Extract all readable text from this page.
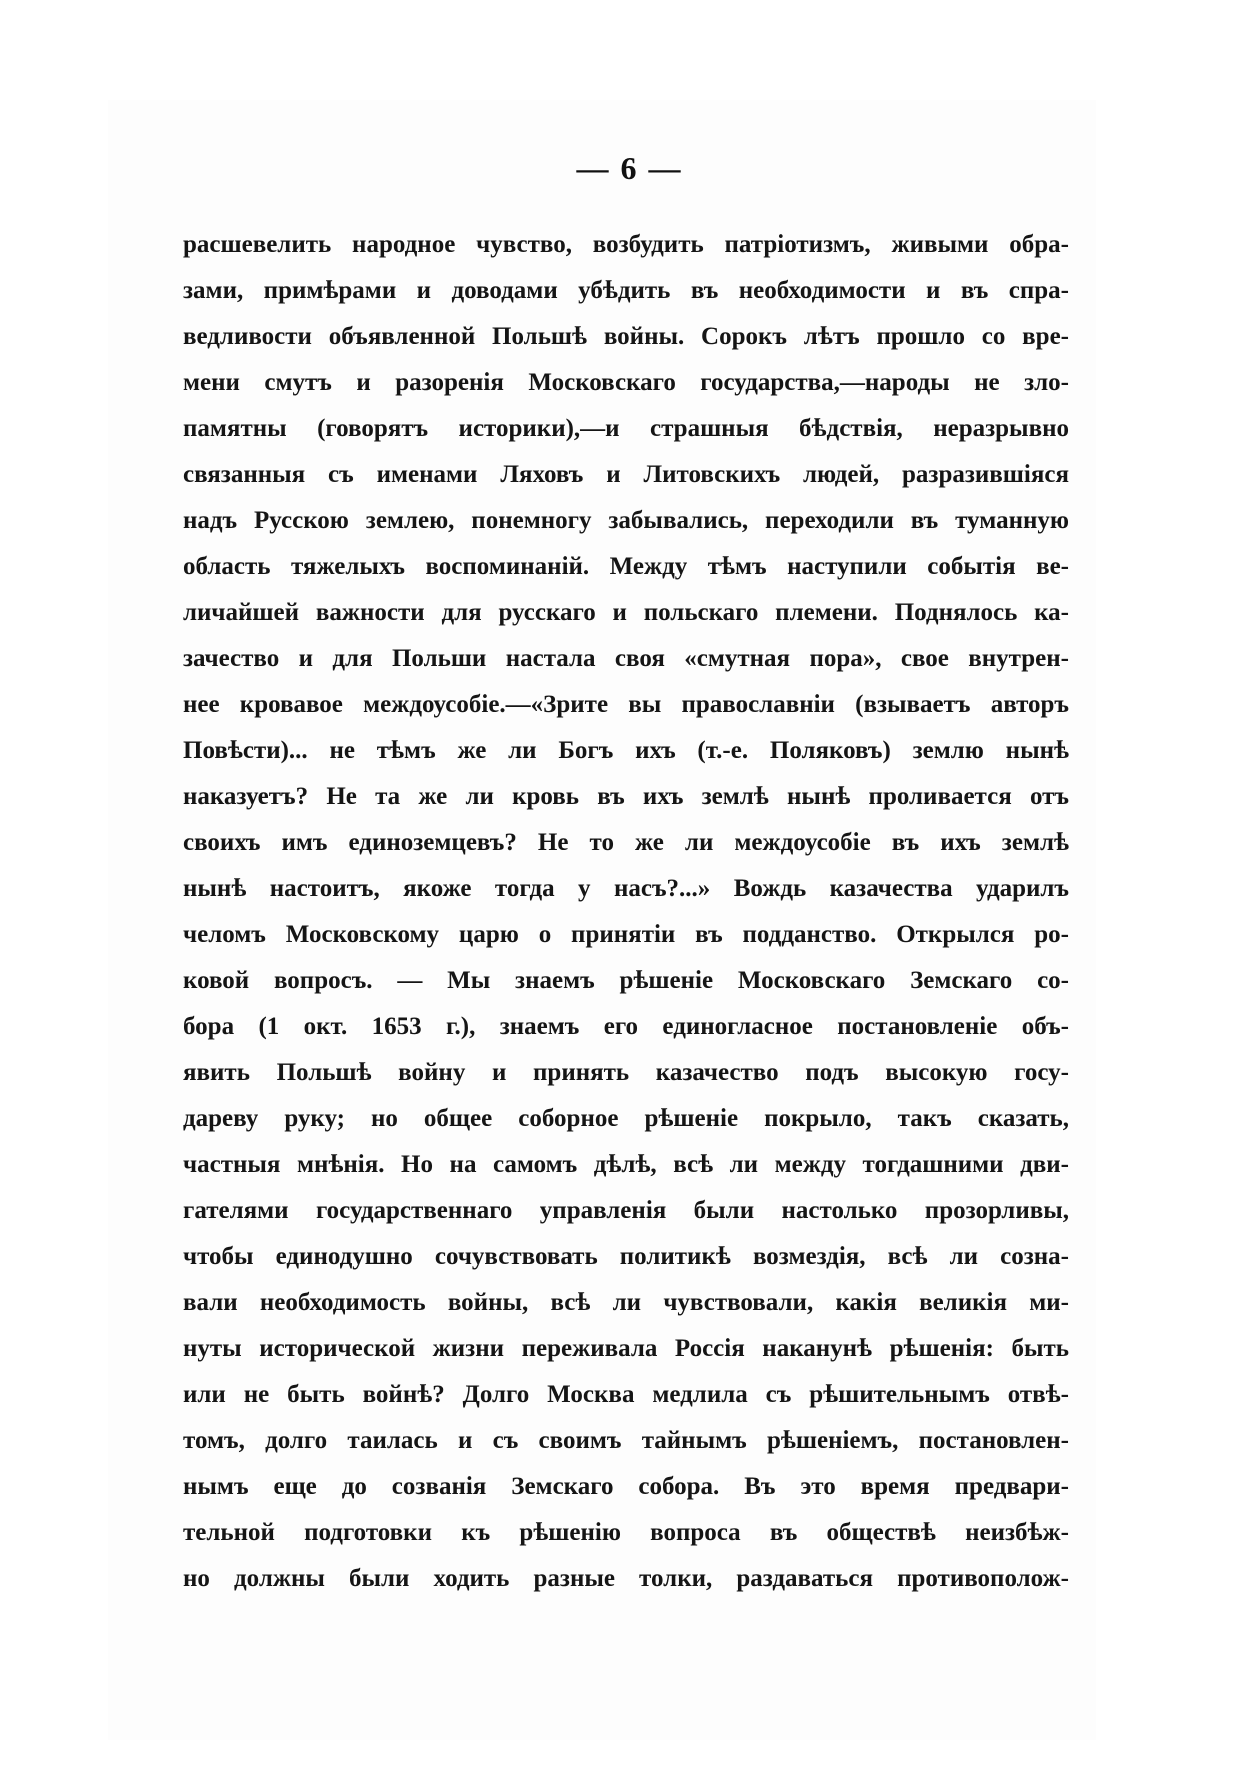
— 6 —
расшевелить народное чувство, возбудить патріотизмъ, живыми обра-
зами, примѣрами и доводами убѣдить въ необходимости и въ спра-
ведливости объявленной Польшѣ войны. Сорокъ лѣтъ прошло со вре-
мени смутъ и разоренія Московскаго государства,—народы не зло-
памятны (говорятъ историки),—и страшныя бѣдствія, неразрывно
связанныя съ именами Ляховъ и Литовскихъ людей, разразившіяся
надъ Русскою землею, понемногу забывались, переходили въ туманную
область тяжелыхъ воспоминаній. Между тѣмъ наступили событія ве-
личайшей важности для русскаго и польскаго племени. Поднялось ка-
зачество и для Польши настала своя «смутная пора», свое внутрен-
нее кровавое междоусобіе.—«Зрите вы православніи (взываетъ авторъ
Повѣсти)... не тѣмъ же ли Богъ ихъ (т.-е. Поляковъ) землю нынѣ
наказуетъ? Не та же ли кровь въ ихъ землѣ нынѣ проливается отъ
своихъ имъ единоземцевъ? Не то же ли междоусобіе въ ихъ землѣ
нынѣ настоитъ, якоже тогда у насъ?...» Вождь казачества ударилъ
челомъ Московскому царю о принятіи въ подданство. Открылся ро-
ковой вопросъ. — Мы знаемъ рѣшеніе Московскаго Земскаго со-
бора (1 окт. 1653 г.), знаемъ его единогласное постановленіе объ-
явить Польшѣ войну и принять казачество подъ высокую госу-
дареву руку; но общее соборное рѣшеніе покрыло, такъ сказать,
частныя мнѣнія. Но на самомъ дѣлѣ, всѣ ли между тогдашними дви-
гателями государственнаго управленія были настолько прозорливы,
чтобы единодушно сочувствовать политикѣ возмездія, всѣ ли созна-
вали необходимость войны, всѣ ли чувствовали, какія великія ми-
нуты исторической жизни переживала Россія наканунѣ рѣшенія: быть
или не быть войнѣ? Долго Москва медлила съ рѣшительнымъ отвѣ-
томъ, долго таилась и съ своимъ тайнымъ рѣшеніемъ, постановлен-
нымъ еще до созванія Земскаго собора. Въ это время предвари-
тельной подготовки къ рѣшенію вопроса въ обществѣ неизбѣж-
но должны были ходить разные толки, раздаваться противополож-
